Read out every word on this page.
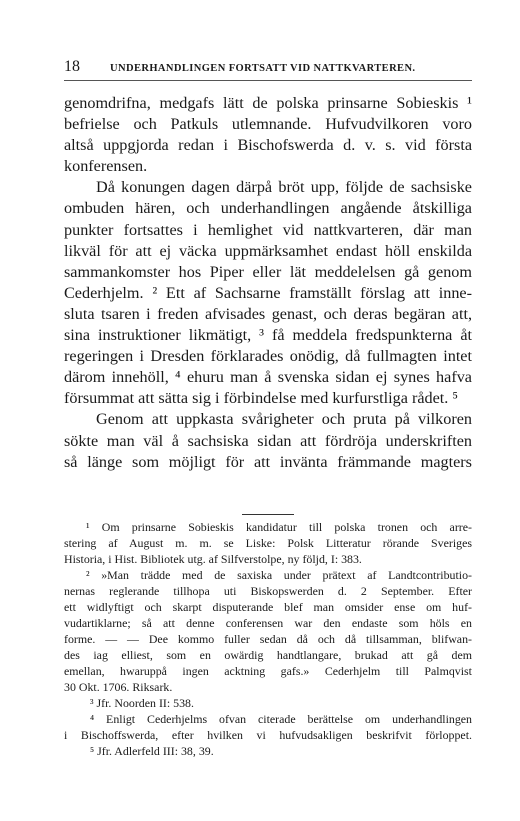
18	UNDERHANDLINGEN FORTSATT VID NATTKVARTEREN.
genomdrifna, medgafs lätt de polska prinsarne Sobieskis ¹
befrielse och Patkuls utlemnande. Hufvudvilkoren voro
altså uppgjorda redan i Bischofswerda d. v. s. vid första
konferensen.
Då konungen dagen därpå bröt upp, följde de sachsiske
ombuden hären, och underhandlingen angående åtskilliga
punkter fortsattes i hemlighet vid nattkvarteren, där man
likväl för att ej väcka uppmärksamhet endast höll enskilda
sammankomster hos Piper eller lät meddelelsen gå genom
Cederhjelm. ² Ett af Sachsarne framställt förslag att inne-
sluta tsaren i freden afvisades genast, och deras begäran att,
sina instruktioner likmätigt, ³ få meddela fredspunkterna åt
regeringen i Dresden förklarades onödig, då fullmagten intet
därom innehöll, ⁴ ehuru man å svenska sidan ej synes hafva
försummat att sätta sig i förbindelse med kurfurstliga rådet. ⁵
Genom att uppkasta svårigheter och pruta på vilkoren
sökte man väl å sachsiska sidan att fördröja underskriften
så länge som möjligt för att invänta främmande magters
¹ Om prinsarne Sobieskis kandidatur till polska tronen och arre-
stering af August m. m. se Liske: Polsk Litteratur rörande Sveriges
Historia, i Hist. Bibliotek utg. af Silfverstolpe, ny följd, I: 383.
² »Man trädde med de saxiska under prätext af Landtcontributio-
nernas reglerande tillhopa uti Biskopswerden d. 2 September. Efter
ett widlyftigt och skarpt disputerande blef man omsider ense om huf-
vudartiklarne; så att denne conferensen war den endaste som höls en
forme. — — Dee kommo fuller sedan då och då tillsamman, blifwan-
des iag elliest, som en owärdig handtlangare, brukad att gå dem
emellan, hwaruppå ingen acktning gafs.» Cederhjelm till Palmqvist
30 Okt. 1706. Riksark.
³ Jfr. Noorden II: 538.
⁴ Enligt Cederhjelms ofvan citerade berättelse om underhandlingen
i Bischoffswerda, efter hvilken vi hufvudsakligen beskrifvit förloppet.
⁵ Jfr. Adlerfeld III: 38, 39.
